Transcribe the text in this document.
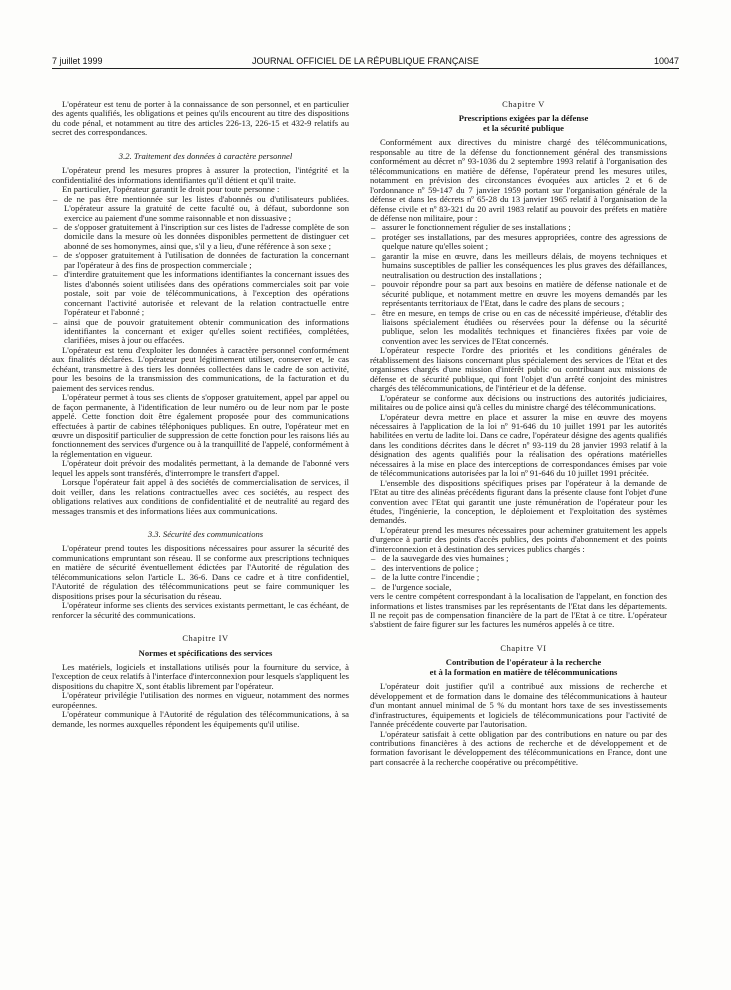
7 juillet 1999	JOURNAL OFFICIEL DE LA RÉPUBLIQUE FRANÇAISE	10047

L'opérateur est tenu de porter à la connaissance de son personnel, et en particulier des agents qualifiés, les obligations et peines qu'ils encourent au titre des dispositions du code pénal, et notamment au titre des articles 226-13, 226-15 et 432-9 relatifs au secret des correspondances.

3.2. Traitement des données à caractère personnel

L'opérateur prend les mesures propres à assurer la protection, l'intégrité et la confidentialité des informations identifiantes qu'il détient et qu'il traite.

En particulier, l'opérateur garantit le droit pour toute personne :

– de ne pas être mentionnée sur les listes d'abonnés ou d'utilisateurs publiées. L'opérateur assure la gratuité de cette faculté ou, à défaut, subordonne son exercice au paiement d'une somme raisonnable et non dissuasive ;
– de s'opposer gratuitement à l'inscription sur ces listes de l'adresse complète de son domicile dans la mesure où les données disponibles permettent de distinguer cet abonné de ses homonymes, ainsi que, s'il y a lieu, d'une référence à son sexe ;
– de s'opposer gratuitement à l'utilisation de données de facturation la concernant par l'opérateur à des fins de prospection commerciale ;
– d'interdire gratuitement que les informations identifiantes la concernant issues des listes d'abonnés soient utilisées dans des opérations commerciales soit par voie postale, soit par voie de télécommunications, à l'exception des opérations concernant l'activité autorisée et relevant de la relation contractuelle entre l'opérateur et l'abonné ;
– ainsi que de pouvoir gratuitement obtenir communication des informations identifiantes la concernant et exiger qu'elles soient rectifiées, complétées, clarifiées, mises à jour ou effacées.

L'opérateur est tenu d'exploiter les données à caractère personnel conformément aux finalités déclarées. L'opérateur peut légitimement utiliser, conserver et, le cas échéant, transmettre à des tiers les données collectées dans le cadre de son activité, pour les besoins de la transmission des communications, de la facturation et du paiement des services rendus.

L'opérateur permet à tous ses clients de s'opposer gratuitement, appel par appel ou de façon permanente, à l'identification de leur numéro ou de leur nom par le poste appelé. Cette fonction doit être également proposée pour des communications effectuées à partir de cabines téléphoniques publiques. En outre, l'opérateur met en œuvre un dispositif particulier de suppression de cette fonction pour les raisons liés au fonctionnement des services d'urgence ou à la tranquillité de l'appelé, conformément à la réglementation en vigueur.

L'opérateur doit prévoir des modalités permettant, à la demande de l'abonné vers lequel les appels sont transférés, d'interrompre le transfert d'appel.

Lorsque l'opérateur fait appel à des sociétés de commercialisation de services, il doit veiller, dans les relations contractuelles avec ces sociétés, au respect des obligations relatives aux conditions de confidentialité et de neutralité au regard des messages transmis et des informations liées aux communications.

3.3. Sécurité des communications

L'opérateur prend toutes les dispositions nécessaires pour assurer la sécurité des communications empruntant son réseau. Il se conforme aux prescriptions techniques en matière de sécurité éventuellement édictées par l'Autorité de régulation des télécommunications selon l'article L. 36-6. Dans ce cadre et à titre confidentiel, l'Autorité de régulation des télécommunications peut se faire communiquer les dispositions prises pour la sécurisation du réseau.

L'opérateur informe ses clients des services existants permettant, le cas échéant, de renforcer la sécurité des communications.

Chapitre IV

Normes et spécifications des services

Les matériels, logiciels et installations utilisés pour la fourniture du service, à l'exception de ceux relatifs à l'interface d'interconnexion pour lesquels s'appliquent les dispositions du chapitre X, sont établis librement par l'opérateur.

L'opérateur privilégie l'utilisation des normes en vigueur, notamment des normes européennes.

L'opérateur communique à l'Autorité de régulation des télécommunications, à sa demande, les normes auxquelles répondent les équipements qu'il utilise.

Chapitre V

Prescriptions exigées par la défense

et la sécurité publique

Conformément aux directives du ministre chargé des télécommunications, responsable au titre de la défense du fonctionnement général des transmissions conformément au décret nº 93-1036 du 2 septembre 1993 relatif à l'organisation des télécommunications en matière de défense, l'opérateur prend les mesures utiles, notamment en prévision des circonstances évoquées aux articles 2 et 6 de l'ordonnance nº 59-147 du 7 janvier 1959 portant sur l'organisation générale de la défense et dans les décrets nº 65-28 du 13 janvier 1965 relatif à l'organisation de la défense civile et nº 83-321 du 20 avril 1983 relatif au pouvoir des préfets en matière de défense non militaire, pour :

– assurer le fonctionnement régulier de ses installations ;
– protéger ses installations, par des mesures appropriées, contre des agressions de quelque nature qu'elles soient ;
– garantir la mise en œuvre, dans les meilleurs délais, de moyens techniques et humains susceptibles de pallier les conséquences les plus graves des défaillances, neutralisation ou destruction des installations ;
– pouvoir répondre pour sa part aux besoins en matière de défense nationale et de sécurité publique, et notamment mettre en œuvre les moyens demandés par les représentants territoriaux de l'Etat, dans le cadre des plans de secours ;
– être en mesure, en temps de crise ou en cas de nécessité impérieuse, d'établir des liaisons spécialement étudiées ou réservées pour la défense ou la sécurité publique, selon les modalités techniques et financières fixées par voie de convention avec les services de l'Etat concernés.

L'opérateur respecte l'ordre des priorités et les conditions générales de rétablissement des liaisons concernant plus spécialement des services de l'Etat et des organismes chargés d'une mission d'intérêt public ou contribuant aux missions de défense et de sécurité publique, qui font l'objet d'un arrêté conjoint des ministres chargés des télécommunications, de l'intérieur et de la défense.

L'opérateur se conforme aux décisions ou instructions des autorités judiciaires, militaires ou de police ainsi qu'à celles du ministre chargé des télécommunications.

L'opérateur devra mettre en place et assurer la mise en œuvre des moyens nécessaires à l'application de la loi nº 91-646 du 10 juillet 1991 par les autorités habilitées en vertu de ladite loi. Dans ce cadre, l'opérateur désigne des agents qualifiés dans les conditions décrites dans le décret nº 93-119 du 28 janvier 1993 relatif à la désignation des agents qualifiés pour la réalisation des opérations matérielles nécessaires à la mise en place des interceptions de correspondances émises par voie de télécommunications autorisées par la loi nº 91-646 du 10 juillet 1991 précitée.

L'ensemble des dispositions spécifiques prises par l'opérateur à la demande de l'Etat au titre des alinéas précédents figurant dans la présente clause font l'objet d'une convention avec l'Etat qui garantit une juste rémunération de l'opérateur pour les études, l'ingénierie, la conception, le déploiement et l'exploitation des systèmes demandés.

L'opérateur prend les mesures nécessaires pour acheminer gratuitement les appels d'urgence à partir des points d'accès publics, des points d'abonnement et des points d'interconnexion et à destination des services publics chargés :

– de la sauvegarde des vies humaines ;
– des interventions de police ;
– de la lutte contre l'incendie ;
– de l'urgence sociale,

vers le centre compétent correspondant à la localisation de l'appelant, en fonction des informations et listes transmises par les représentants de l'Etat dans les départements. Il ne reçoit pas de compensation financière de la part de l'Etat à ce titre. L'opérateur s'abstient de faire figurer sur les factures les numéros appelés à ce titre.

Chapitre VI

Contribution de l'opérateur à la recherche

et à la formation en matière de télécommunications

L'opérateur doit justifier qu'il a contribué aux missions de recherche et développement et de formation dans le domaine des télécommunications à hauteur d'un montant annuel minimal de 5 % du montant hors taxe de ses investissements d'infrastructures, équipements et logiciels de télécommunications pour l'activité de l'année précédente couverte par l'autorisation.

L'opérateur satisfait à cette obligation par des contributions en nature ou par des contributions financières à des actions de recherche et de développement et de formation favorisant le développement des télécommunications en France, dont une part consacrée à la recherche coopérative ou précompétitive.
